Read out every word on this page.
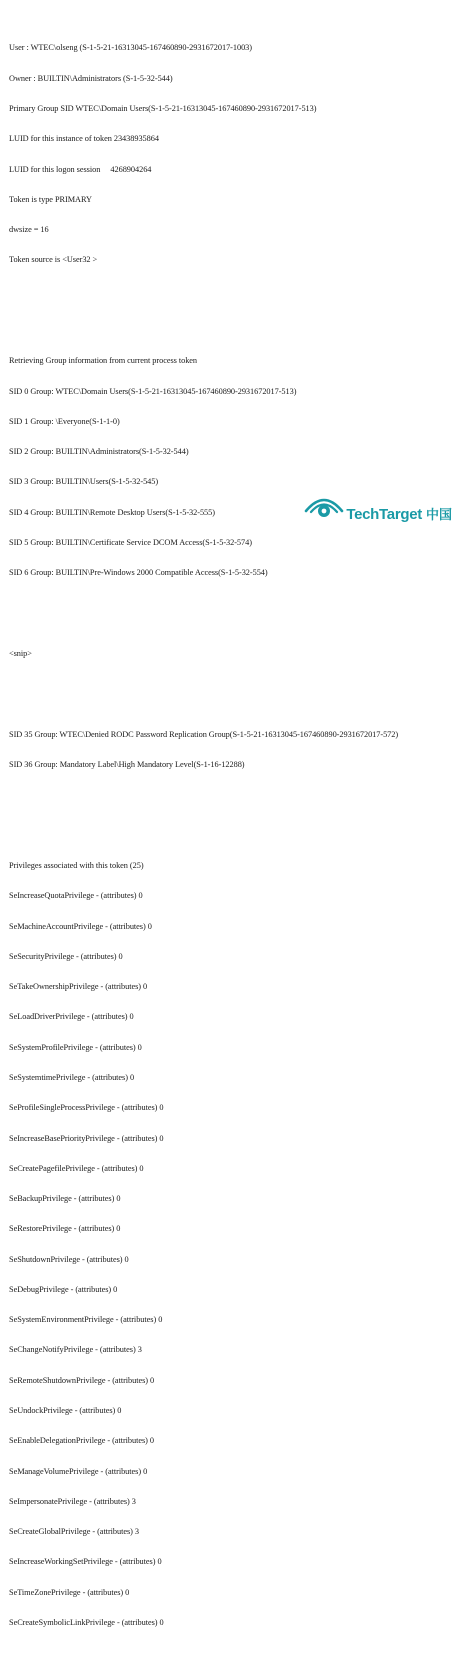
User : WTEC\olseng (S-1-5-21-16313045-167460890-2931672017-1003)

Owner : BUILTIN\Administrators (S-1-5-32-544)

Primary Group SID WTEC\Domain Users(S-1-5-21-16313045-167460890-2931672017-513)

LUID for this instance of token 23438935864

LUID for this logon session     4268904264

Token is type PRIMARY

dwsize = 16

Token source is <User32 >

Retrieving Group information from current process token

SID 0 Group: WTEC\Domain Users(S-1-5-21-16313045-167460890-2931672017-513)

SID 1 Group: \Everyone(S-1-1-0)

SID 2 Group: BUILTIN\Administrators(S-1-5-32-544)

SID 3 Group: BUILTIN\Users(S-1-5-32-545)

SID 4 Group: BUILTIN\Remote Desktop Users(S-1-5-32-555)

SID 5 Group: BUILTIN\Certificate Service DCOM Access(S-1-5-32-574)

SID 6 Group: BUILTIN\Pre-Windows 2000 Compatible Access(S-1-5-32-554)

<snip>

SID 35 Group: WTEC\Denied RODC Password Replication Group(S-1-5-21-16313045-167460890-2931672017-572)

SID 36 Group: Mandatory Label\High Mandatory Level(S-1-16-12288)

Privileges associated with this token (25)

SeIncreaseQuotaPrivilege - (attributes) 0

SeMachineAccountPrivilege - (attributes) 0

SeSecurityPrivilege - (attributes) 0

SeTakeOwnershipPrivilege - (attributes) 0

SeLoadDriverPrivilege - (attributes) 0

SeSystemProfilePrivilege - (attributes) 0

SeSystemtimePrivilege - (attributes) 0

SeProfileSingleProcessPrivilege - (attributes) 0

SeIncreaseBasePriorityPrivilege - (attributes) 0

SeCreatePagefilePrivilege - (attributes) 0

SeBackupPrivilege - (attributes) 0

SeRestorePrivilege - (attributes) 0

SeShutdownPrivilege - (attributes) 0

SeDebugPrivilege - (attributes) 0

SeSystemEnvironmentPrivilege - (attributes) 0

SeChangeNotifyPrivilege - (attributes) 3

SeRemoteShutdownPrivilege - (attributes) 0

SeUndockPrivilege - (attributes) 0

SeEnableDelegationPrivilege - (attributes) 0

SeManageVolumePrivilege - (attributes) 0

SeImpersonatePrivilege - (attributes) 3

SeCreateGlobalPrivilege - (attributes) 3

SeIncreaseWorkingSetPrivilege - (attributes) 0

SeTimeZonePrivilege - (attributes) 0

SeCreateSymbolicLinkPrivilege - (attributes) 0

TechTarget 中国
